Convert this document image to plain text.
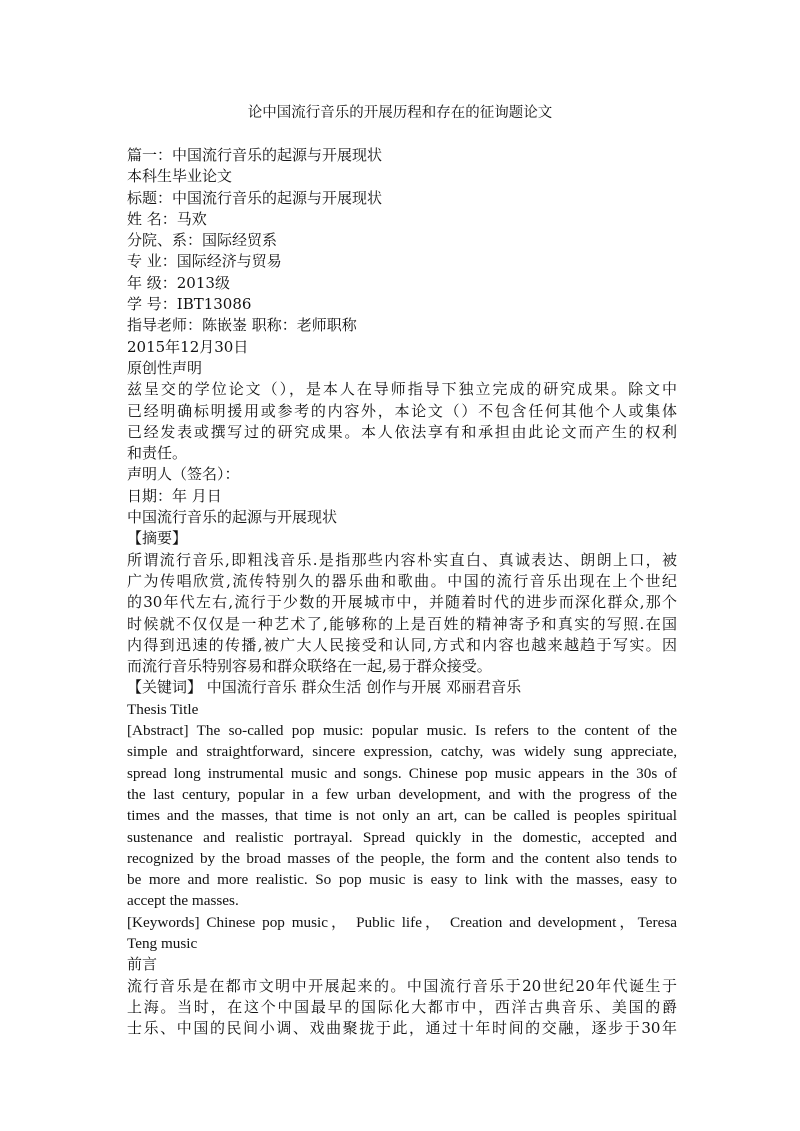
论中国流行音乐的开展历程和存在的征询题论文
篇一：中国流行音乐的起源与开展现状
本科生毕业论文
标题：中国流行音乐的起源与开展现状
姓 名：马欢
分院、系：国际经贸系
专 业：国际经济与贸易
年 级：2013级
学 号：IBT13086
指导老师：陈嵌崟 职称：老师职称
2015年12月30日
原创性声明
兹呈交的学位论文（），是本人在导师指导下独立完成的研究成果。除文中
已经明确标明援用或参考的内容外，本论文（）不包含任何其他个人或集体
已经发表或撰写过的研究成果。本人依法享有和承担由此论文而产生的权利
和责任。
声明人（签名）：
日期：年 月日
中国流行音乐的起源与开展现状
【摘要】
所谓流行音乐,即粗浅音乐.是指那些内容朴实直白、真诚表达、朗朗上口，被
广为传唱欣赏,流传特别久的器乐曲和歌曲。中国的流行音乐出现在上个世纪
的30年代左右,流行于少数的开展城市中，并随着时代的进步而深化群众,那个
时候就不仅仅是一种艺术了,能够称的上是百姓的精神寄予和真实的写照.在国
内得到迅速的传播,被广大人民接受和认同,方式和内容也越来越趋于写实。因
而流行音乐特别容易和群众联络在一起,易于群众接受。
【关键词】 中国流行音乐 群众生活 创作与开展 邓丽君音乐
Thesis Title
[Abstract] The so-called pop music: popular music. Is refers to the content of the
simple and straightforward, sincere expression, catchy, was widely sung appreciate,
spread long instrumental music and songs. Chinese pop music appears in the 30s of
the last century, popular in a few urban development, and with the progress of the
times and the masses, that time is not only an art, can be called is peoples spiritual
sustenance and realistic portrayal. Spread quickly in the domestic, accepted and
recognized by the broad masses of the people, the form and the content also tends to
be more and more realistic. So pop music is easy to link with the masses, easy to
accept the masses.
[Keywords] Chinese pop music， Public life， Creation and development，Teresa
Teng music
前言
流行音乐是在都市文明中开展起来的。中国流行音乐于20世纪20年代诞生于
上海。当时，在这个中国最早的国际化大都市中，西洋古典音乐、美国的爵
士乐、中国的民间小调、戏曲聚拢于此，通过十年时间的交融，逐步于30年
